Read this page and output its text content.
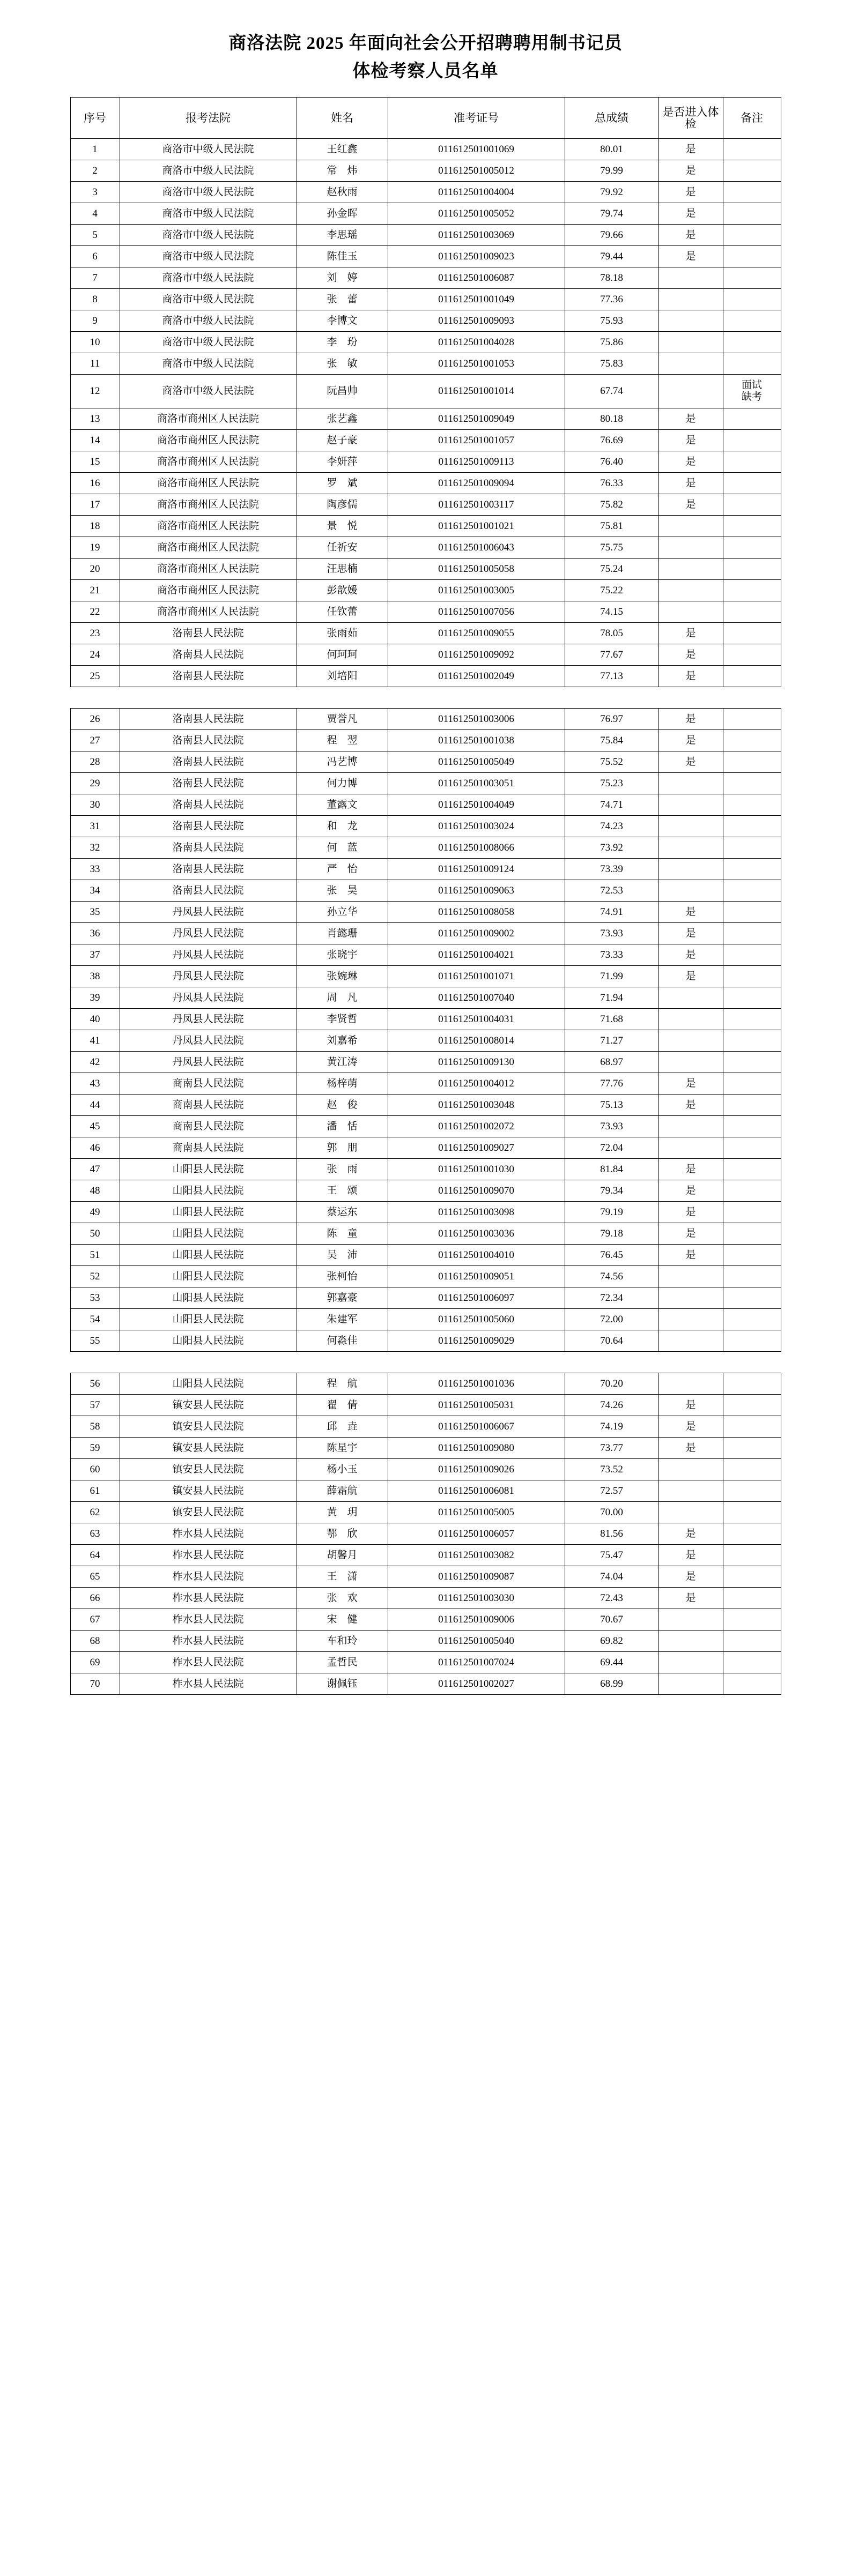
商洛法院 2025 年面向社会公开招聘聘用制书记员
体检考察人员名单
序号	报考法院	姓名	准考证号	总成绩	是否进入体检	备注
1	商洛市中级人民法院	王红鑫	011612501001069	80.01	是	
2	商洛市中级人民法院	常　炜	011612501005012	79.99	是	
3	商洛市中级人民法院	赵秋雨	011612501004004	79.92	是	
4	商洛市中级人民法院	孙金晖	011612501005052	79.74	是	
5	商洛市中级人民法院	李思瑶	011612501003069	79.66	是	
6	商洛市中级人民法院	陈佳玉	011612501009023	79.44	是	
7	商洛市中级人民法院	刘　婷	011612501006087	78.18		
8	商洛市中级人民法院	张　蕾	011612501001049	77.36		
9	商洛市中级人民法院	李博文	011612501009093	75.93		
10	商洛市中级人民法院	李　玢	011612501004028	75.86		
11	商洛市中级人民法院	张　敏	011612501001053	75.83		
12	商洛市中级人民法院	阮昌帅	011612501001014	67.74		面试
缺考
13	商洛市商州区人民法院	张艺鑫	011612501009049	80.18	是	
14	商洛市商州区人民法院	赵子豪	011612501001057	76.69	是	
15	商洛市商州区人民法院	李妍萍	011612501009113	76.40	是	
16	商洛市商州区人民法院	罗　斌	011612501009094	76.33	是	
17	商洛市商州区人民法院	陶彦儒	011612501003117	75.82	是	
18	商洛市商州区人民法院	景　悦	011612501001021	75.81		
19	商洛市商州区人民法院	任祈安	011612501006043	75.75		
20	商洛市商州区人民法院	汪思楠	011612501005058	75.24		
21	商洛市商州区人民法院	彭歆媛	011612501003005	75.22		
22	商洛市商州区人民法院	任钦蕾	011612501007056	74.15		
23	洛南县人民法院	张雨茹	011612501009055	78.05	是	
24	洛南县人民法院	何珂珂	011612501009092	77.67	是	
25	洛南县人民法院	刘培阳	011612501002049	77.13	是	

26	洛南县人民法院	贾誉凡	011612501003006	76.97	是	
27	洛南县人民法院	程　翌	011612501001038	75.84	是	
28	洛南县人民法院	冯艺博	011612501005049	75.52	是	
29	洛南县人民法院	何力博	011612501003051	75.23		
30	洛南县人民法院	董露文	011612501004049	74.71		
31	洛南县人民法院	和　龙	011612501003024	74.23		
32	洛南县人民法院	何　蓝	011612501008066	73.92		
33	洛南县人民法院	严　怡	011612501009124	73.39		
34	洛南县人民法院	张　昊	011612501009063	72.53		
35	丹凤县人民法院	孙立华	011612501008058	74.91	是	
36	丹凤县人民法院	肖懿珊	011612501009002	73.93	是	
37	丹凤县人民法院	张晓宇	011612501004021	73.33	是	
38	丹凤县人民法院	张婉琳	011612501001071	71.99	是	
39	丹凤县人民法院	周　凡	011612501007040	71.94		
40	丹凤县人民法院	李贤哲	011612501004031	71.68		
41	丹凤县人民法院	刘嘉希	011612501008014	71.27		
42	丹凤县人民法院	黄江涛	011612501009130	68.97		
43	商南县人民法院	杨梓萌	011612501004012	77.76	是	
44	商南县人民法院	赵　俊	011612501003048	75.13	是	
45	商南县人民法院	潘　恬	011612501002072	73.93		
46	商南县人民法院	郭　朋	011612501009027	72.04		
47	山阳县人民法院	张　雨	011612501001030	81.84	是	
48	山阳县人民法院	王　颂	011612501009070	79.34	是	
49	山阳县人民法院	蔡运东	011612501003098	79.19	是	
50	山阳县人民法院	陈　童	011612501003036	79.18	是	
51	山阳县人民法院	吴　沛	011612501004010	76.45	是	
52	山阳县人民法院	张柯怡	011612501009051	74.56		
53	山阳县人民法院	郭嘉豪	011612501006097	72.34		
54	山阳县人民法院	朱建军	011612501005060	72.00		
55	山阳县人民法院	何淼佳	011612501009029	70.64		

56	山阳县人民法院	程　航	011612501001036	70.20		
57	镇安县人民法院	翟　倩	011612501005031	74.26	是	
58	镇安县人民法院	邱　垚	011612501006067	74.19	是	
59	镇安县人民法院	陈星宇	011612501009080	73.77	是	
60	镇安县人民法院	杨小玉	011612501009026	73.52		
61	镇安县人民法院	薛霜航	011612501006081	72.57		
62	镇安县人民法院	黄　玥	011612501005005	70.00		
63	柞水县人民法院	鄂　欣	011612501006057	81.56	是	
64	柞水县人民法院	胡馨月	011612501003082	75.47	是	
65	柞水县人民法院	王　潇	011612501009087	74.04	是	
66	柞水县人民法院	张　欢	011612501003030	72.43	是	
67	柞水县人民法院	宋　健	011612501009006	70.67		
68	柞水县人民法院	车和玲	011612501005040	69.82		
69	柞水县人民法院	孟哲民	011612501007024	69.44		
70	柞水县人民法院	谢佩钰	011612501002027	68.99		
